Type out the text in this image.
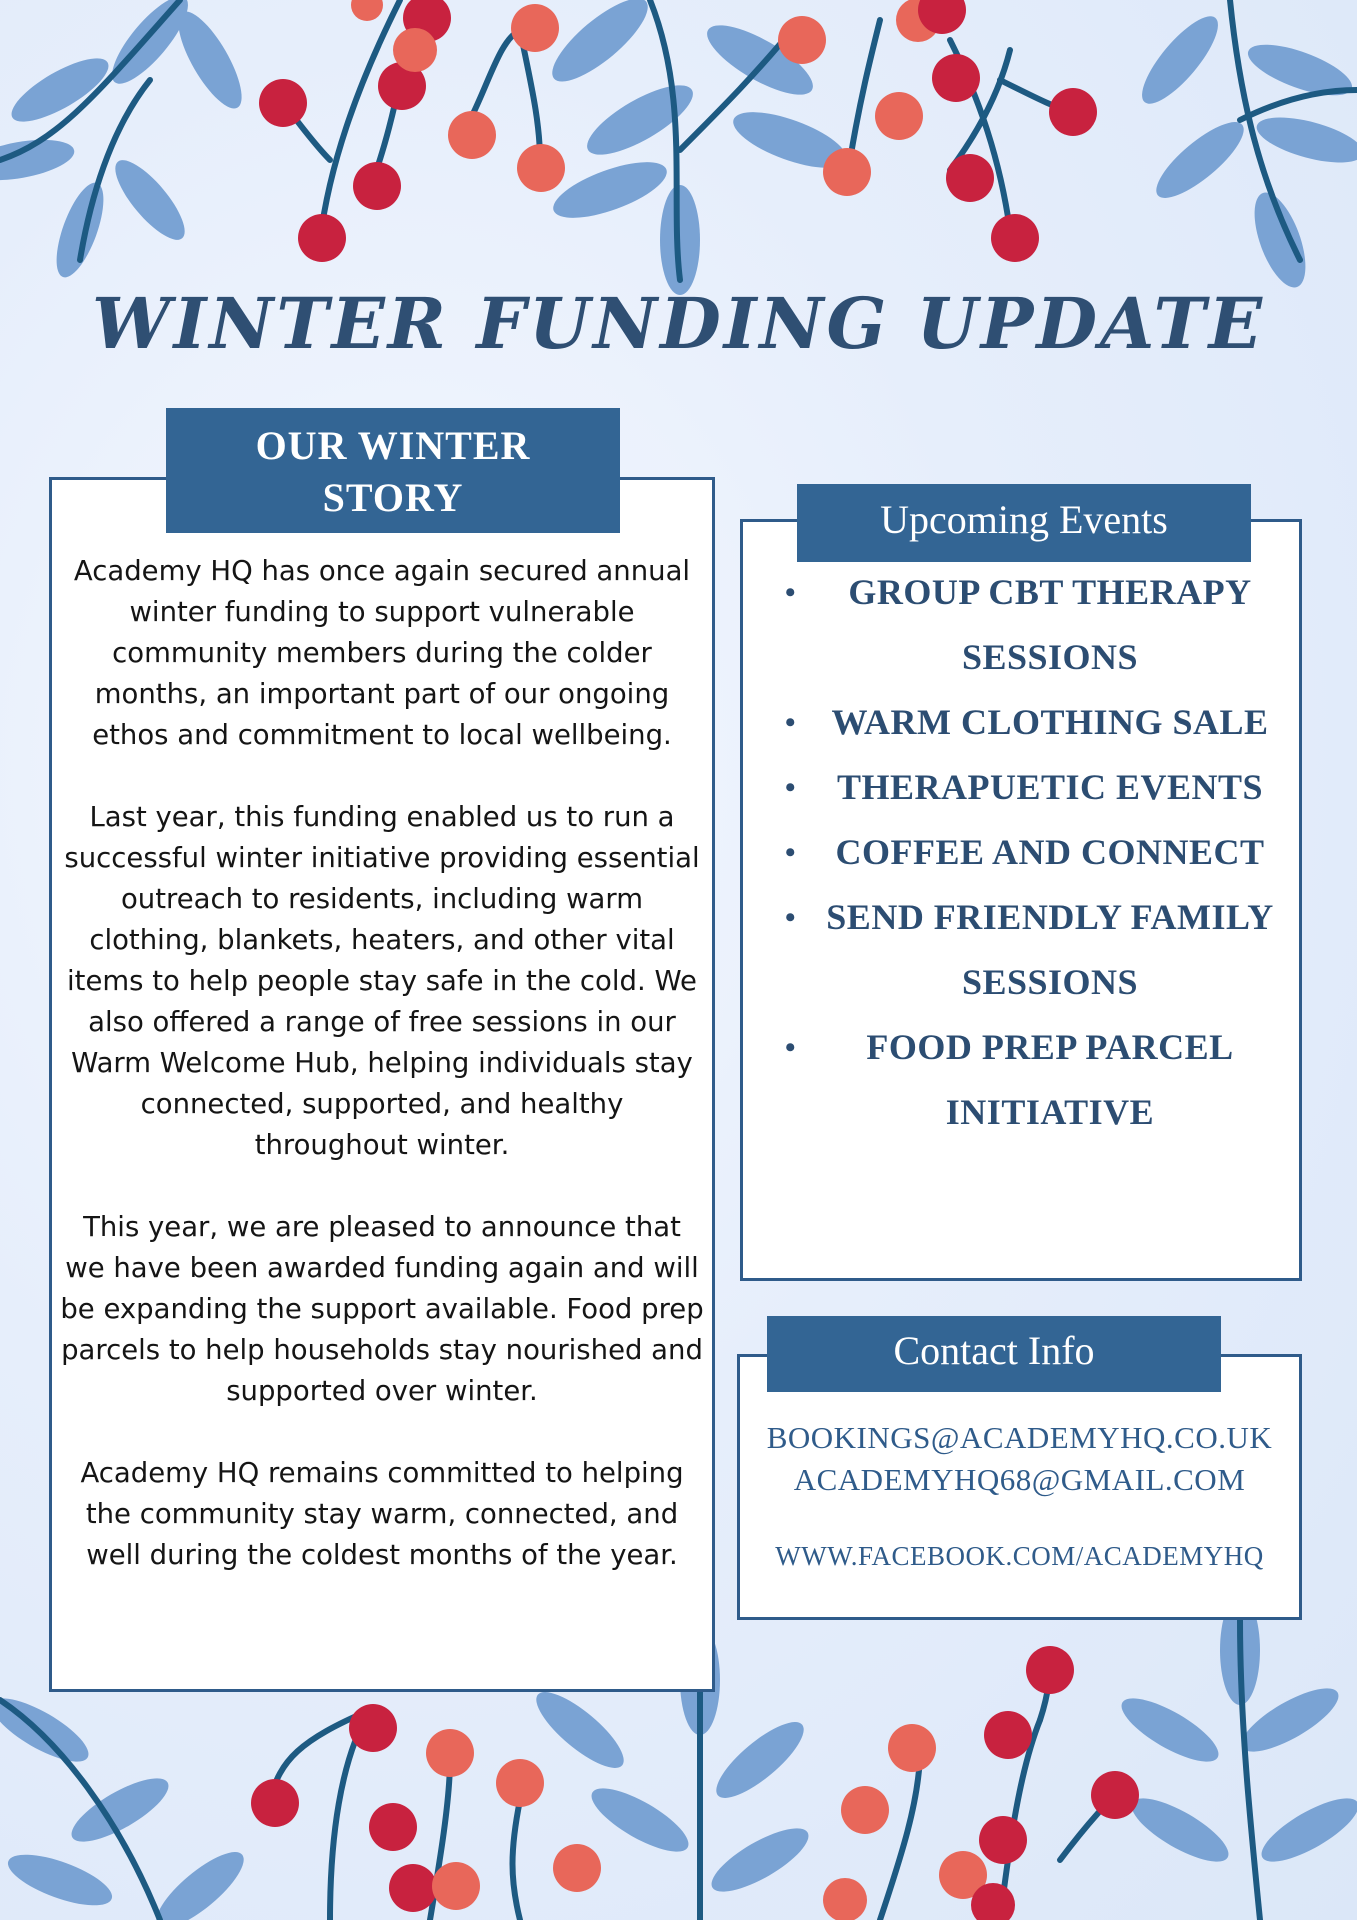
WINTER FUNDING UPDATE
OUR WINTER
STORY

Academy HQ has once again secured annual winter funding to support vulnerable community members during the colder months, an important part of our ongoing ethos and commitment to local wellbeing.

Last year, this funding enabled us to run a successful winter initiative providing essential outreach to residents, including warm clothing, blankets, heaters, and other vital items to help people stay safe in the cold. We also offered a range of free sessions in our Warm Welcome Hub, helping individuals stay connected, supported, and healthy throughout winter.

This year, we are pleased to announce that we have been awarded funding again and will be expanding the support available. Food prep parcels to help households stay nourished and supported over winter.

Academy HQ remains committed to helping the community stay warm, connected, and well during the coldest months of the year.

Upcoming Events
• GROUP CBT THERAPY SESSIONS
• WARM CLOTHING SALE
• THERAPUETIC EVENTS
• COFFEE AND CONNECT
• SEND FRIENDLY FAMILY SESSIONS
• FOOD PREP PARCEL INITIATIVE
Contact Info
BOOKINGS@ACADEMYHQ.CO.UK
ACADEMYHQ68@GMAIL.COM
WWW.FACEBOOK.COM/ACADEMYHQ
